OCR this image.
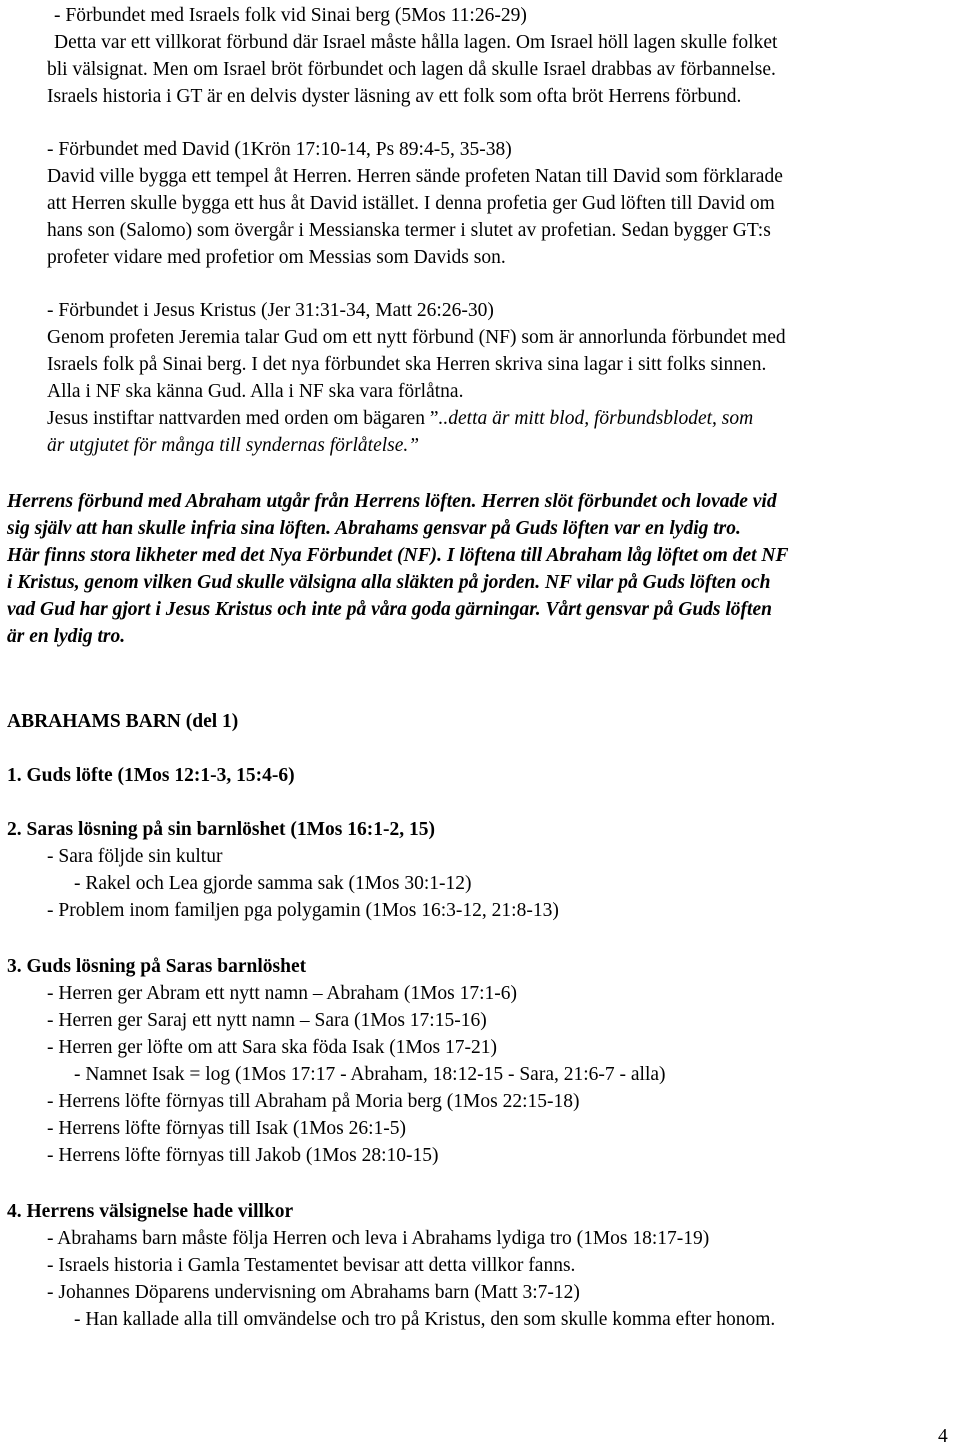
- Förbundet med Israels folk vid Sinai berg (5Mos 11:26-29)
Detta var ett villkorat förbund där Israel måste hålla lagen. Om Israel höll lagen skulle folket
bli välsignat. Men om Israel bröt förbundet och lagen då skulle Israel drabbas av förbannelse.
Israels historia i GT är en delvis dyster läsning av ett folk som ofta bröt Herrens förbund.
- Förbundet med David (1Krön 17:10-14, Ps 89:4-5, 35-38)
David ville bygga ett tempel åt Herren. Herren sände profeten Natan till David som förklarade
att Herren skulle bygga ett hus åt David istället. I denna profetia ger Gud löften till David om
hans son (Salomo) som övergår i Messianska termer i slutet av profetian. Sedan bygger GT:s
profeter vidare med profetior om Messias som Davids son.
- Förbundet i Jesus Kristus (Jer 31:31-34, Matt 26:26-30)
Genom profeten Jeremia talar Gud om ett nytt förbund (NF) som är annorlunda förbundet med
Israels folk på Sinai berg. I det nya förbundet ska Herren skriva sina lagar i sitt folks sinnen.
Alla i NF ska känna Gud. Alla i NF ska vara förlåtna.
Jesus instiftar nattvarden med orden om bägaren ”..detta är mitt blod, förbundsblodet, som
är utgjutet för många till syndernas förlåtelse.”
Herrens förbund med Abraham utgår från Herrens löften. Herren slöt förbundet och lovade vid
sig själv att han skulle infria sina löften. Abrahams gensvar på Guds löften var en lydig tro.
Här finns stora likheter med det Nya Förbundet (NF). I löftena till Abraham låg löftet om det NF
i Kristus, genom vilken Gud skulle välsigna alla släkten på jorden. NF vilar på Guds löften och
vad Gud har gjort i Jesus Kristus och inte på våra goda gärningar. Vårt gensvar på Guds löften
är en lydig tro.
ABRAHAMS BARN (del 1)
1. Guds löfte (1Mos 12:1-3, 15:4-6)
2. Saras lösning på sin barnlöshet (1Mos 16:1-2, 15)
- Sara följde sin kultur
- Rakel och Lea gjorde samma sak (1Mos 30:1-12)
- Problem inom familjen pga polygamin (1Mos 16:3-12, 21:8-13)
3. Guds lösning på Saras barnlöshet
- Herren ger Abram ett nytt namn – Abraham (1Mos 17:1-6)
- Herren ger Saraj ett nytt namn – Sara (1Mos 17:15-16)
- Herren ger löfte om att Sara ska föda Isak (1Mos 17-21)
- Namnet Isak = log (1Mos 17:17 - Abraham, 18:12-15 - Sara, 21:6-7 - alla)
- Herrens löfte förnyas till Abraham på Moria berg (1Mos 22:15-18)
- Herrens löfte förnyas till Isak (1Mos 26:1-5)
- Herrens löfte förnyas till Jakob (1Mos 28:10-15)
4. Herrens välsignelse hade villkor
- Abrahams barn måste följa Herren och leva i Abrahams lydiga tro (1Mos 18:17-19)
- Israels historia i Gamla Testamentet bevisar att detta villkor fanns.
- Johannes Döparens undervisning om Abrahams barn (Matt 3:7-12)
- Han kallade alla till omvändelse och tro på Kristus, den som skulle komma efter honom.
4
